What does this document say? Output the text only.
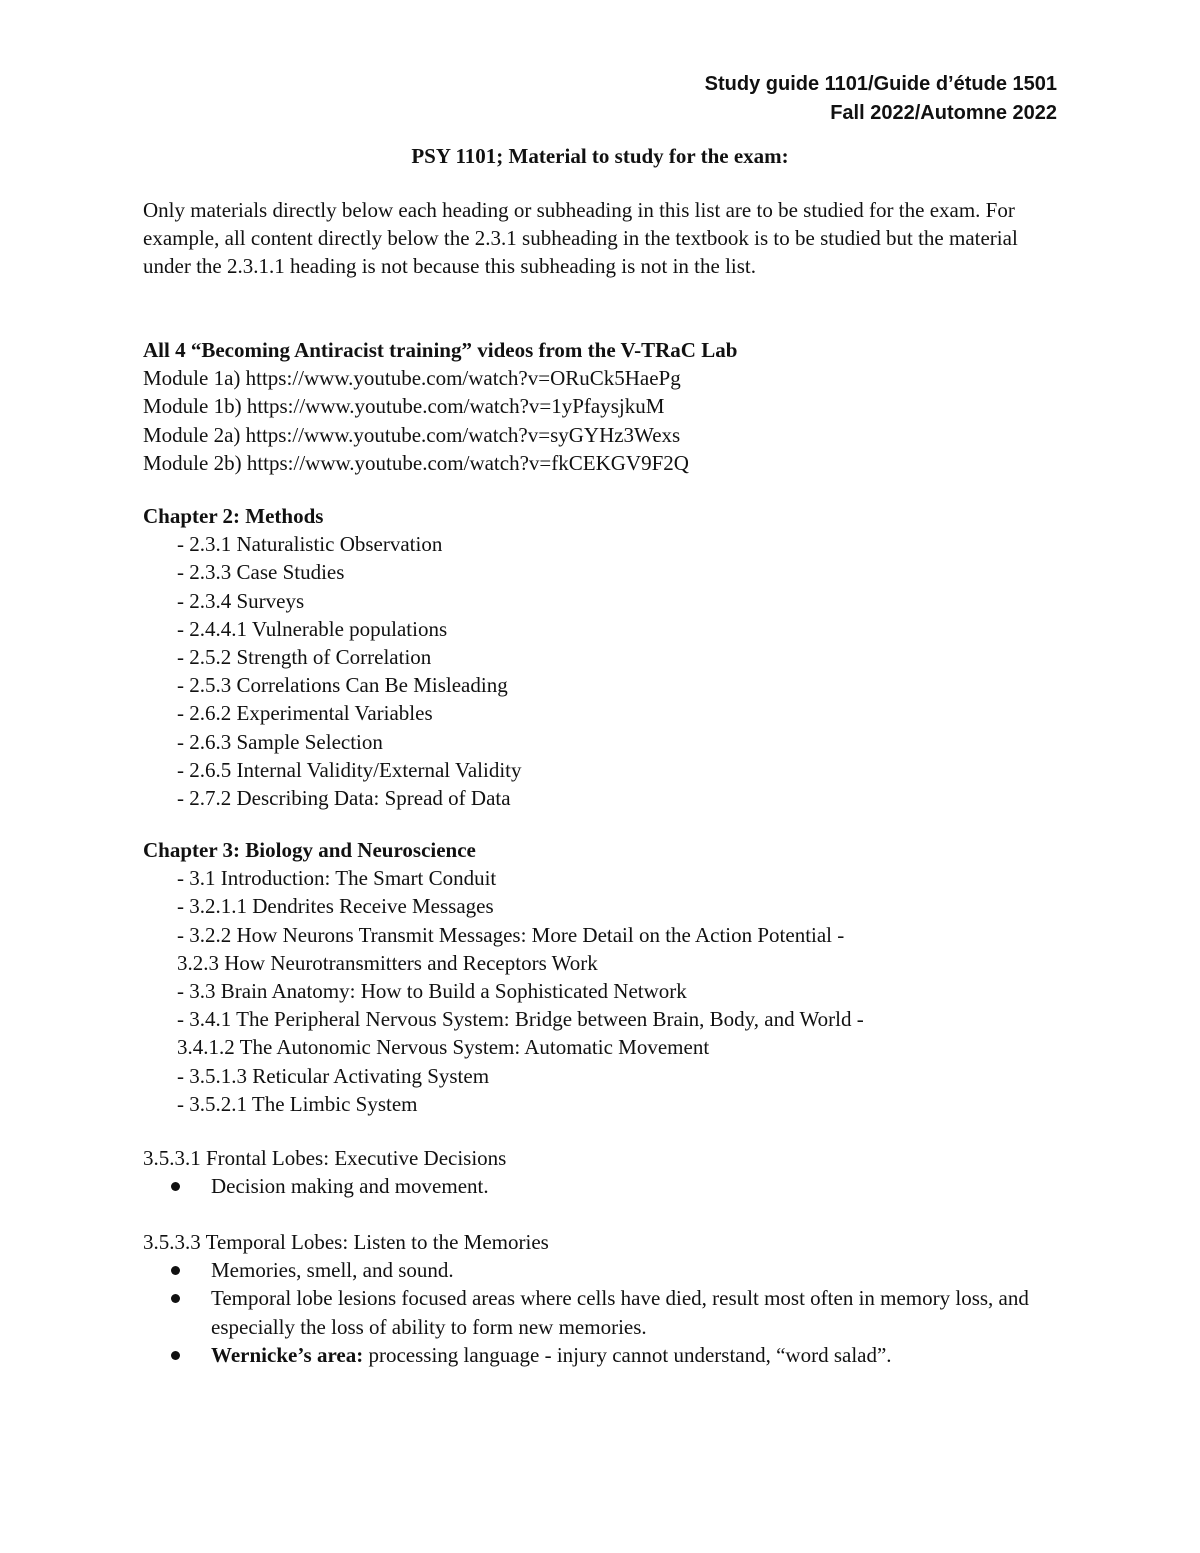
Study guide 1101/Guide d’étude 1501
Fall 2022/Automne 2022
PSY 1101; Material to study for the exam:
Only materials directly below each heading or subheading in this list are to be studied for the exam. For example, all content directly below the 2.3.1 subheading in the textbook is to be studied but the material under the 2.3.1.1 heading is not because this subheading is not in the list.
All 4 “Becoming Antiracist training” videos from the V-TRaC Lab
Module 1a) https://www.youtube.com/watch?v=ORuCk5HaePg
Module 1b) https://www.youtube.com/watch?v=1yPfaysjkuM
Module 2a) https://www.youtube.com/watch?v=syGYHz3Wexs
Module 2b) https://www.youtube.com/watch?v=fkCEKGV9F2Q
Chapter 2: Methods
- 2.3.1 Naturalistic Observation
- 2.3.3 Case Studies
- 2.3.4 Surveys
- 2.4.4.1 Vulnerable populations
- 2.5.2 Strength of Correlation
- 2.5.3 Correlations Can Be Misleading
- 2.6.2 Experimental Variables
- 2.6.3 Sample Selection
- 2.6.5 Internal Validity/External Validity
- 2.7.2 Describing Data: Spread of Data
Chapter 3: Biology and Neuroscience
- 3.1 Introduction: The Smart Conduit
- 3.2.1.1 Dendrites Receive Messages
- 3.2.2 How Neurons Transmit Messages: More Detail on the Action Potential -
3.2.3 How Neurotransmitters and Receptors Work
- 3.3 Brain Anatomy: How to Build a Sophisticated Network
- 3.4.1 The Peripheral Nervous System: Bridge between Brain, Body, and World -
3.4.1.2 The Autonomic Nervous System: Automatic Movement
- 3.5.1.3 Reticular Activating System
- 3.5.2.1 The Limbic System
3.5.3.1 Frontal Lobes: Executive Decisions
Decision making and movement.
3.5.3.3 Temporal Lobes: Listen to the Memories
Memories, smell, and sound.
Temporal lobe lesions focused areas where cells have died, result most often in memory loss, and especially the loss of ability to form new memories.
Wernicke’s area: processing language - injury cannot understand, “word salad”.
